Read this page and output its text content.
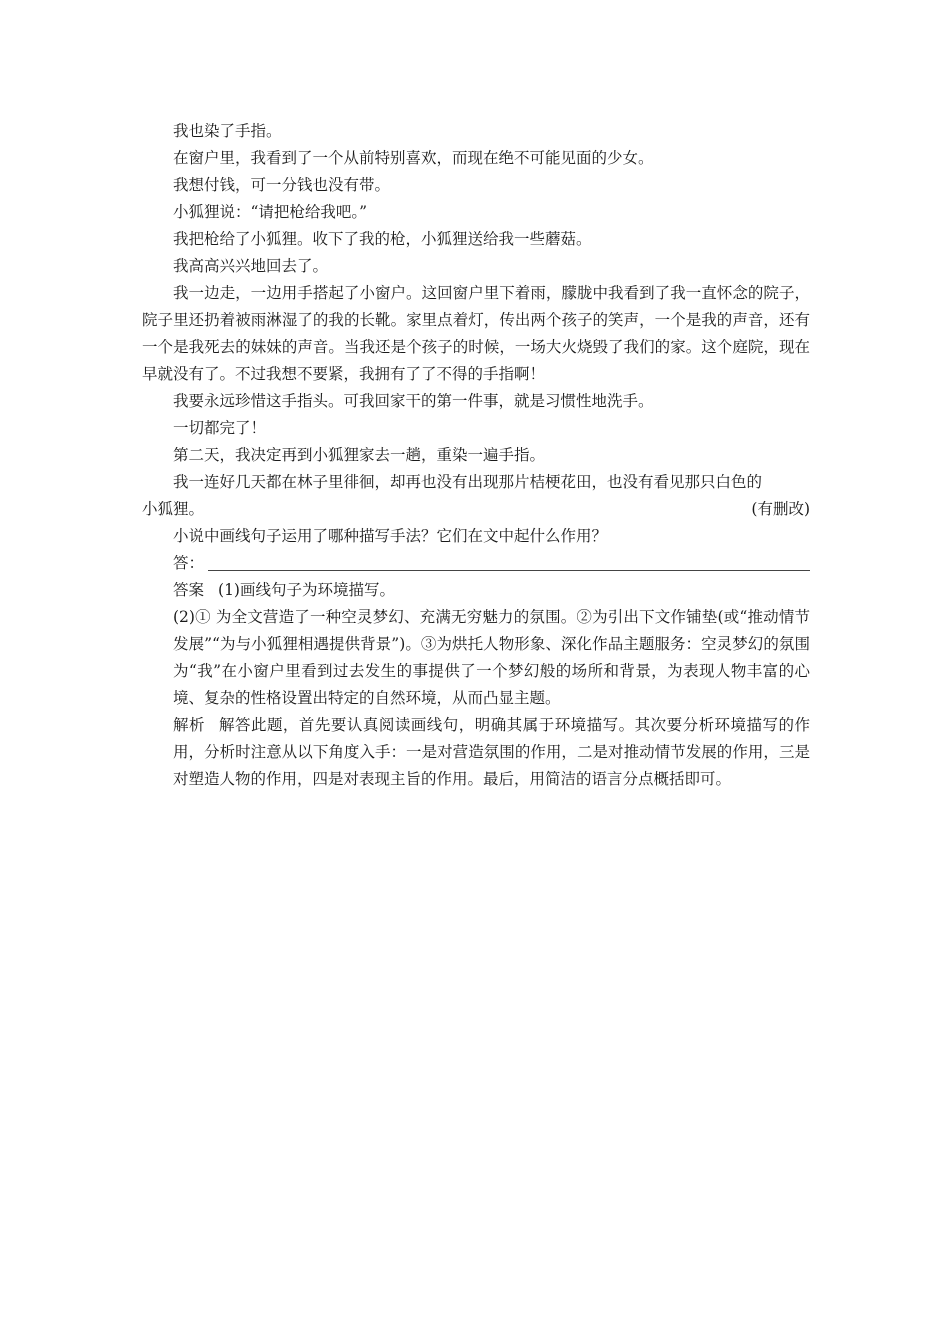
我也染了手指。

在窗户里，我看到了一个从前特别喜欢，而现在绝不可能见面的少女。

我想付钱，可一分钱也没有带。

小狐狸说：“请把枪给我吧。”

我把枪给了小狐狸。收下了我的枪，小狐狸送给我一些蘑菇。

我高高兴兴地回去了。

我一边走，一边用手搭起了小窗户。这回窗户里下着雨，朦胧中我看到了我一直怀念的院子，院子里还扔着被雨淋湿了的我的长靴。家里点着灯，传出两个孩子的笑声，一个是我的声音，还有一个是我死去的妹妹的声音。当我还是个孩子的时候，一场大火烧毁了我们的家。这个庭院，现在早就没有了。不过我想不要紧，我拥有了了不得的手指啊！

我要永远珍惜这手指头。可我回家干的第一件事，就是习惯性地洗手。

一切都完了！

第二天，我决定再到小狐狸家去一趟，重染一遍手指。

我一连好几天都在林子里徘徊，却再也没有出现那片桔梗花田，也没有看见那只白色的

小狐狸。	(有删改)

小说中画线句子运用了哪种描写手法？它们在文中起什么作用？

答：

答案 (1)画线句子为环境描写。

(2)① 为全文营造了一种空灵梦幻、充满无穷魅力的氛围。②为引出下文作铺垫(或“推动情节发展”“为与小狐狸相遇提供背景”)。③为烘托人物形象、深化作品主题服务：空灵梦幻的氛围为“我”在小窗户里看到过去发生的事提供了一个梦幻般的场所和背景，为表现人物丰富的心境、复杂的性格设置出特定的自然环境，从而凸显主题。

解析 解答此题，首先要认真阅读画线句，明确其属于环境描写。其次要分析环境描写的作用，分析时注意从以下角度入手：一是对营造氛围的作用，二是对推动情节发展的作用，三是对塑造人物的作用，四是对表现主旨的作用。最后，用简洁的语言分点概括即可。
